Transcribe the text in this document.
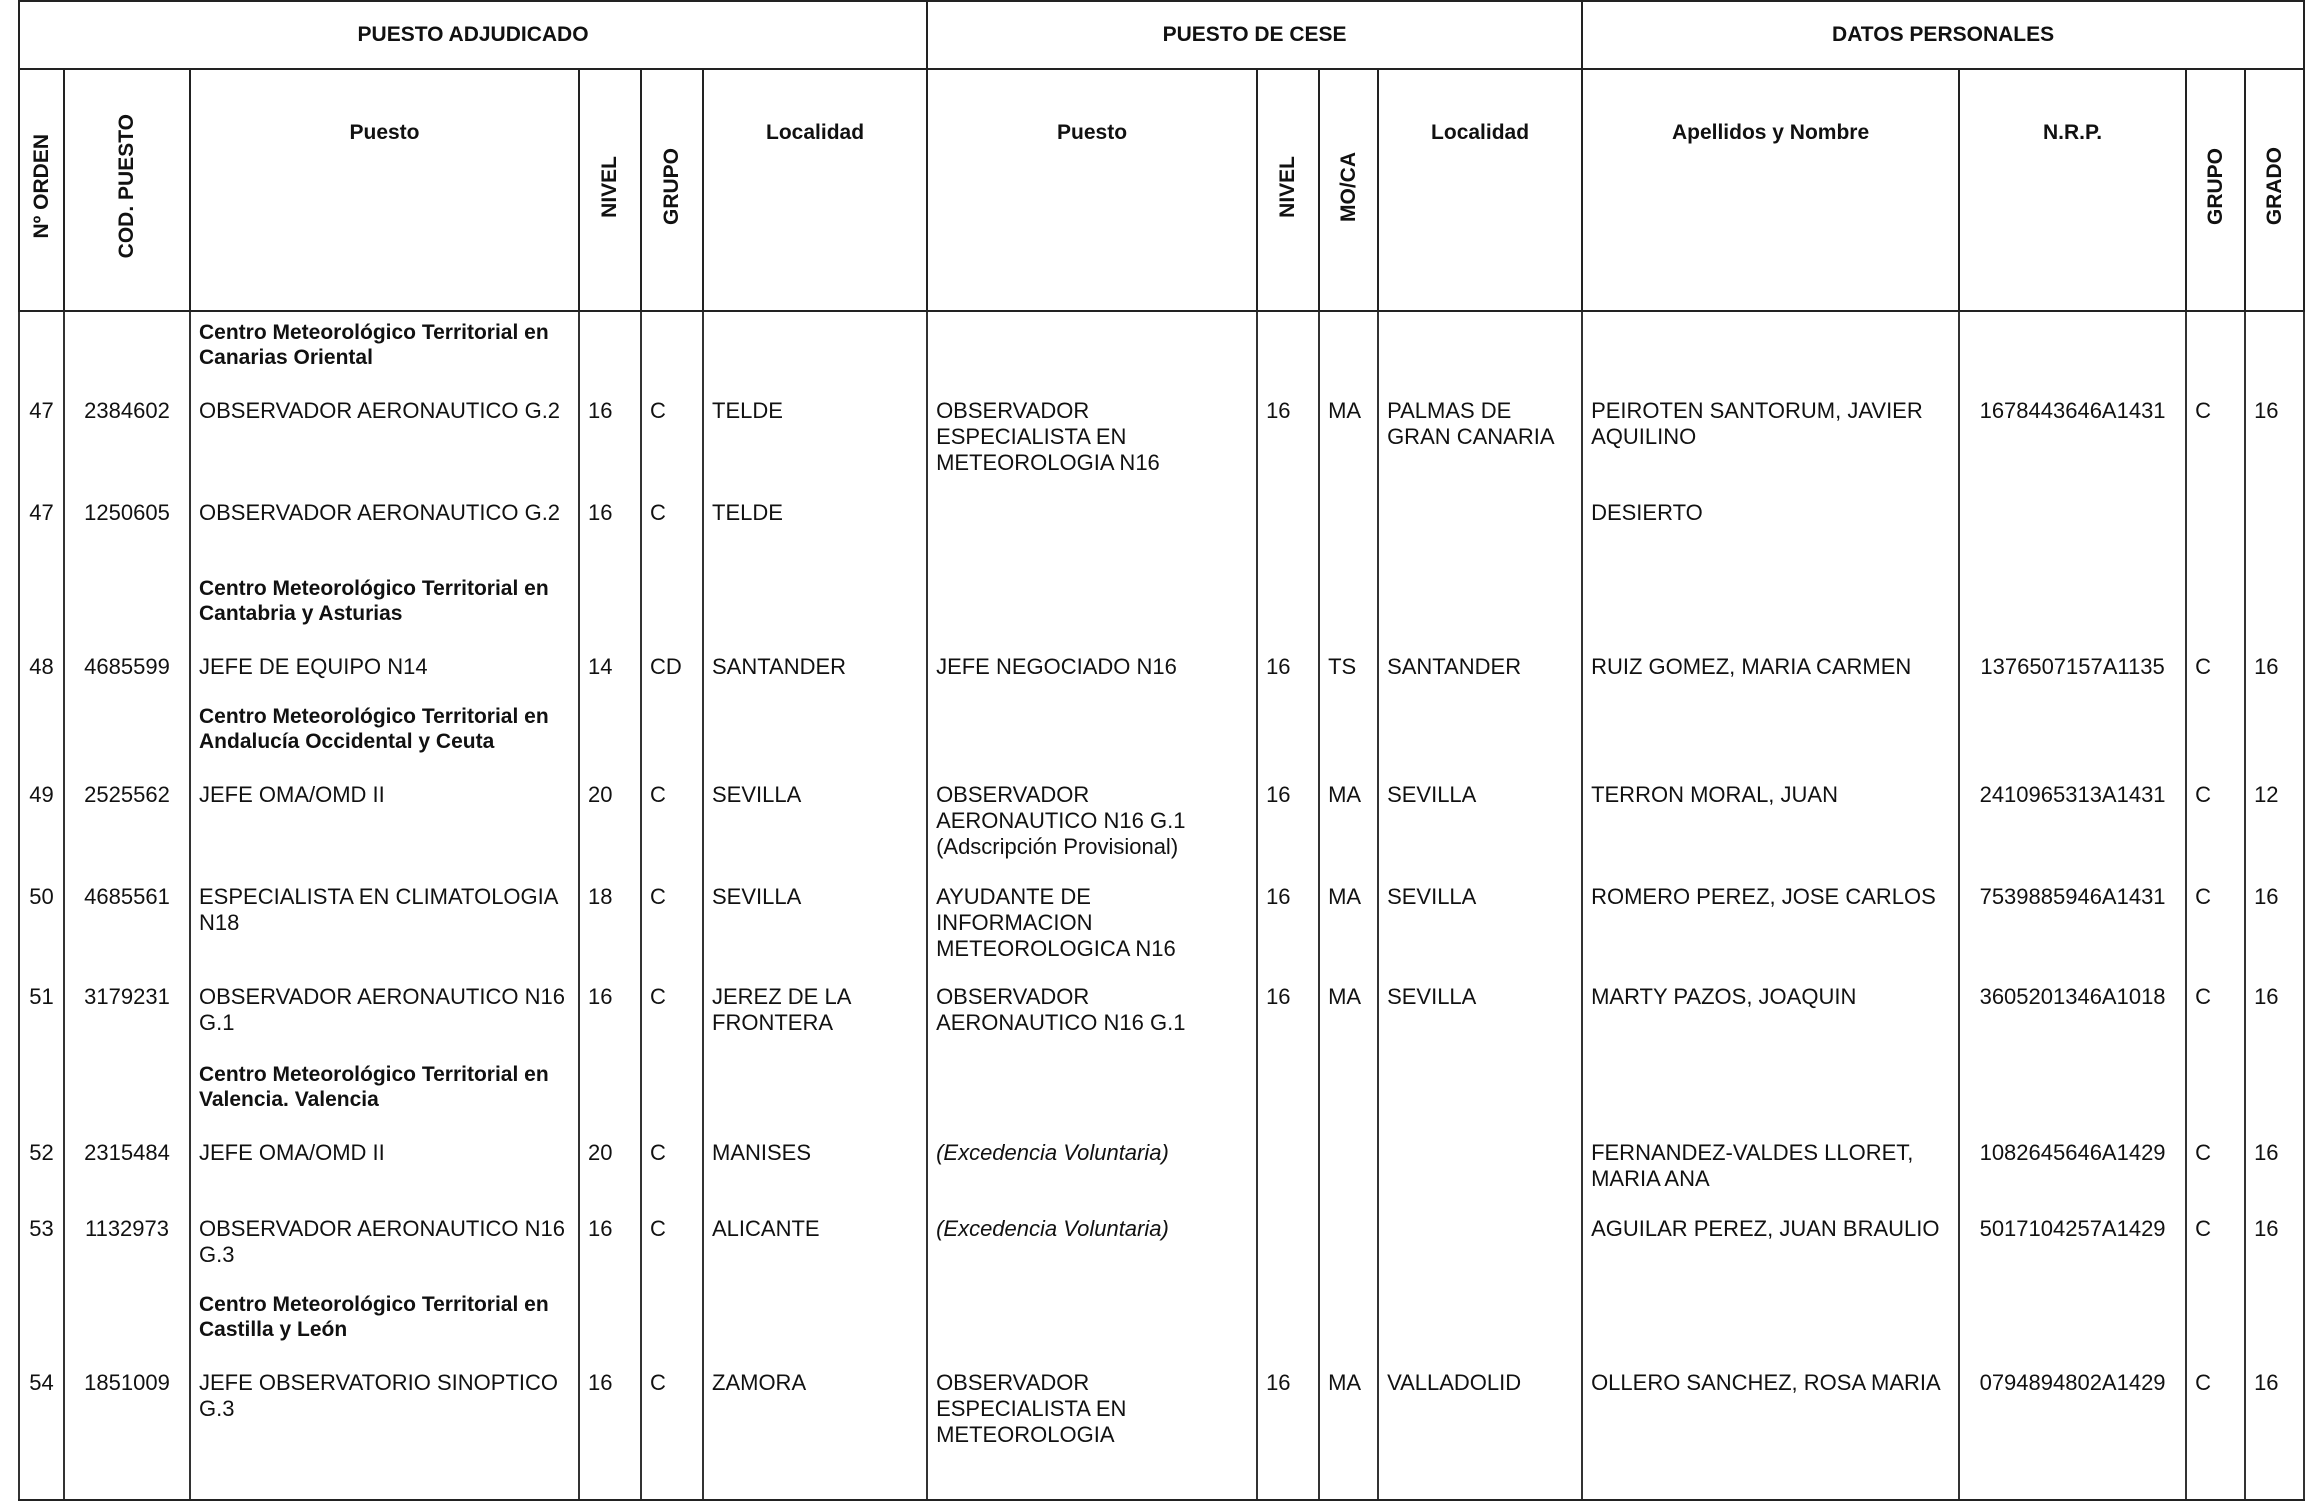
PUESTO ADJUDICADO						PUESTO DE CESE				DATOS PERSONALES			
Nº ORDEN	COD. PUESTO	Puesto	NIVEL	GRUPO	Localidad	Puesto	NIVEL	MO/CA	Localidad	Apellidos y Nombre	N.R.P.	GRUPO	GRADO

		Centro Meteorológico Territorial en Canarias Oriental											
47	2384602	OBSERVADOR AERONAUTICO G.2	16	C	TELDE	OBSERVADOR ESPECIALISTA EN METEOROLOGIA N16	16	MA	PALMAS DE GRAN CANARIA	PEIROTEN SANTORUM, JAVIER AQUILINO	1678443646A1431	C	16
47	1250605	OBSERVADOR AERONAUTICO G.2	16	C	TELDE					DESIERTO			
		Centro Meteorológico Territorial en Cantabria y Asturias											
48	4685599	JEFE DE EQUIPO N14	14	CD	SANTANDER	JEFE NEGOCIADO N16	16	TS	SANTANDER	RUIZ GOMEZ, MARIA CARMEN	1376507157A1135	C	16
		Centro Meteorológico Territorial en Andalucía Occidental y Ceuta											
49	2525562	JEFE OMA/OMD II	20	C	SEVILLA	OBSERVADOR AERONAUTICO N16 G.1 (Adscripción Provisional)	16	MA	SEVILLA	TERRON MORAL, JUAN	2410965313A1431	C	12
50	4685561	ESPECIALISTA EN CLIMATOLOGIA N18	18	C	SEVILLA	AYUDANTE DE INFORMACION METEOROLOGICA N16	16	MA	SEVILLA	ROMERO PEREZ, JOSE CARLOS	7539885946A1431	C	16
51	3179231	OBSERVADOR AERONAUTICO N16 G.1	16	C	JEREZ DE LA FRONTERA	OBSERVADOR AERONAUTICO N16 G.1	16	MA	SEVILLA	MARTY PAZOS, JOAQUIN	3605201346A1018	C	16
		Centro Meteorológico Territorial en Valencia. Valencia											
52	2315484	JEFE OMA/OMD II	20	C	MANISES	(Excedencia Voluntaria)				FERNANDEZ-VALDES LLORET, MARIA ANA	1082645646A1429	C	16
53	1132973	OBSERVADOR AERONAUTICO N16 G.3	16	C	ALICANTE	(Excedencia Voluntaria)				AGUILAR PEREZ, JUAN BRAULIO	5017104257A1429	C	16
		Centro Meteorológico Territorial en Castilla y León											
54	1851009	JEFE OBSERVATORIO SINOPTICO G.3	16	C	ZAMORA	OBSERVADOR ESPECIALISTA EN METEOROLOGIA	16	MA	VALLADOLID	OLLERO SANCHEZ, ROSA MARIA	0794894802A1429	C	16
